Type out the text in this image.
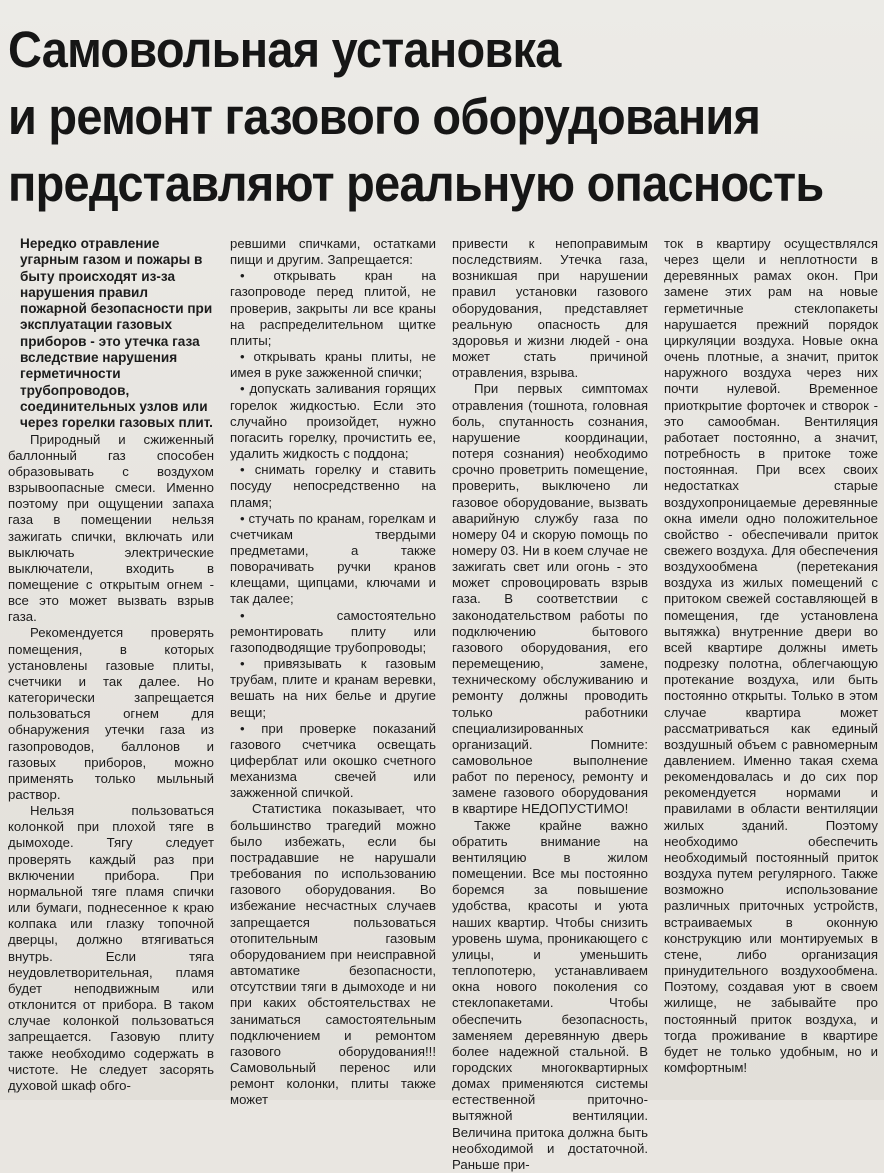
Самовольная установка
и ремонт газового оборудования
представляют реальную опасность

Нередко отравление угарным газом и пожары в быту происходят из-за нарушения правил пожарной безопасности при эксплуатации газовых приборов - это утечка газа вследствие нарушения герметичности трубопроводов, соединительных узлов или через горелки газовых плит.

Природный и сжиженный баллонный газ способен образовывать с воздухом взрывоопасные смеси. Именно поэтому при ощущении запаха газа в помещении нельзя зажигать спички, включать или выключать электрические выключатели, входить в помещение с открытым огнем - все это может вызвать взрыв газа.

Рекомендуется проверять помещения, в которых установлены газовые плиты, счетчики и так далее. Но категорически запрещается пользоваться огнем для обнаружения утечки газа из газопроводов, баллонов и газовых приборов, можно применять только мыльный раствор.

Нельзя пользоваться колонкой при плохой тяге в дымоходе. Тягу следует проверять каждый раз при включении прибора. При нормальной тяге пламя спички или бумаги, поднесенное к краю колпака или глазку топочной дверцы, должно втягиваться внутрь. Если тяга неудовлетворительная, пламя будет неподвижным или отклонится от прибора. В таком случае колонкой пользоваться запрещается. Газовую плиту также необходимо содержать в чистоте. Не следует засорять духовой шкаф обго-

ревшими спичками, остатками пищи и другим. Запрещается:

• открывать кран на газопроводе перед плитой, не проверив, закрыты ли все краны на распределительном щитке плиты;

• открывать краны плиты, не имея в руке зажженной спички;

• допускать заливания горящих горелок жидкостью. Если это случайно произойдет, нужно погасить горелку, прочистить ее, удалить жидкость с поддона;

• снимать горелку и ставить посуду непосредственно на пламя;

• стучать по кранам, горелкам и счетчикам твердыми предметами, а также поворачивать ручки кранов клещами, щипцами, ключами и так далее;

• самостоятельно ремонтировать плиту или газоподводящие трубопроводы;

• привязывать к газовым трубам, плите и кранам веревки, вешать на них белье и другие вещи;

• при проверке показаний газового счетчика освещать циферблат или окошко счетного механизма свечей или зажженной спичкой.

Статистика показывает, что большинство трагедий можно было избежать, если бы пострадавшие не нарушали требования по использованию газового оборудования. Во избежание несчастных случаев запрещается пользоваться отопительным газовым оборудованием при неисправной автоматике безопасности, отсутствии тяги в дымоходе и ни при каких обстоятельствах не заниматься самостоятельным подключением и ремонтом газового оборудования!!! Самовольный перенос или ремонт колонки, плиты также может

привести к непоправимым последствиям. Утечка газа, возникшая при нарушении правил установки газового оборудования, представляет реальную опасность для здоровья и жизни людей - она может стать причиной отравления, взрыва.

При первых симптомах отравления (тошнота, головная боль, спутанность сознания, нарушение координации, потеря сознания) необходимо срочно проветрить помещение, проверить, выключено ли газовое оборудование, вызвать аварийную службу газа по номеру 04 и скорую помощь по номеру 03. Ни в коем случае не зажигать свет или огонь - это может спровоцировать взрыв газа. В соответствии с законодательством работы по подключению бытового газового оборудования, его перемещению, замене, техническому обслуживанию и ремонту должны проводить только работники специализированных организаций. Помните: самовольное выполнение работ по переносу, ремонту и замене газового оборудования в квартире НЕДОПУСТИМО!

Также крайне важно обратить внимание на вентиляцию в жилом помещении. Все мы постоянно боремся за повышение удобства, красоты и уюта наших квартир. Чтобы снизить уровень шума, проникающего с улицы, и уменьшить теплопотерю, устанавливаем окна нового поколения со стеклопакетами. Чтобы обеспечить безопасность, заменяем деревянную дверь более надежной стальной. В городских многоквартирных домах применяются системы естественной приточно-вытяжной вентиляции. Величина притока должна быть необходимой и достаточной. Раньше при-

ток в квартиру осуществлялся через щели и неплотности в деревянных рамах окон. При замене этих рам на новые герметичные стеклопакеты нарушается прежний порядок циркуляции воздуха. Новые окна очень плотные, а значит, приток наружного воздуха через них почти нулевой. Временное приоткрытие форточек и створок - это самообман. Вентиляция работает постоянно, а значит, потребность в притоке тоже постоянная. При всех своих недостатках старые воздухопроницаемые деревянные окна имели одно положительное свойство - обеспечивали приток свежего воздуха. Для обеспечения воздухообмена (перетекания воздуха из жилых помещений с притоком свежей составляющей в помещения, где установлена вытяжка) внутренние двери во всей квартире должны иметь подрезку полотна, облегчающую протекание воздуха, или быть постоянно открыты. Только в этом случае квартира может рассматриваться как единый воздушный объем с равномерным давлением. Именно такая схема рекомендовалась и до сих пор рекомендуется нормами и правилами в области вентиляции жилых зданий. Поэтому необходимо обеспечить необходимый постоянный приток воздуха путем регулярного. Также возможно использование различных приточных устройств, встраиваемых в оконную конструкцию или монтируемых в стене, либо организация принудительного воздухообмена. Поэтому, создавая уют в своем жилище, не забывайте про постоянный приток воздуха, и тогда проживание в квартире будет не только удобным, но и комфортным!
